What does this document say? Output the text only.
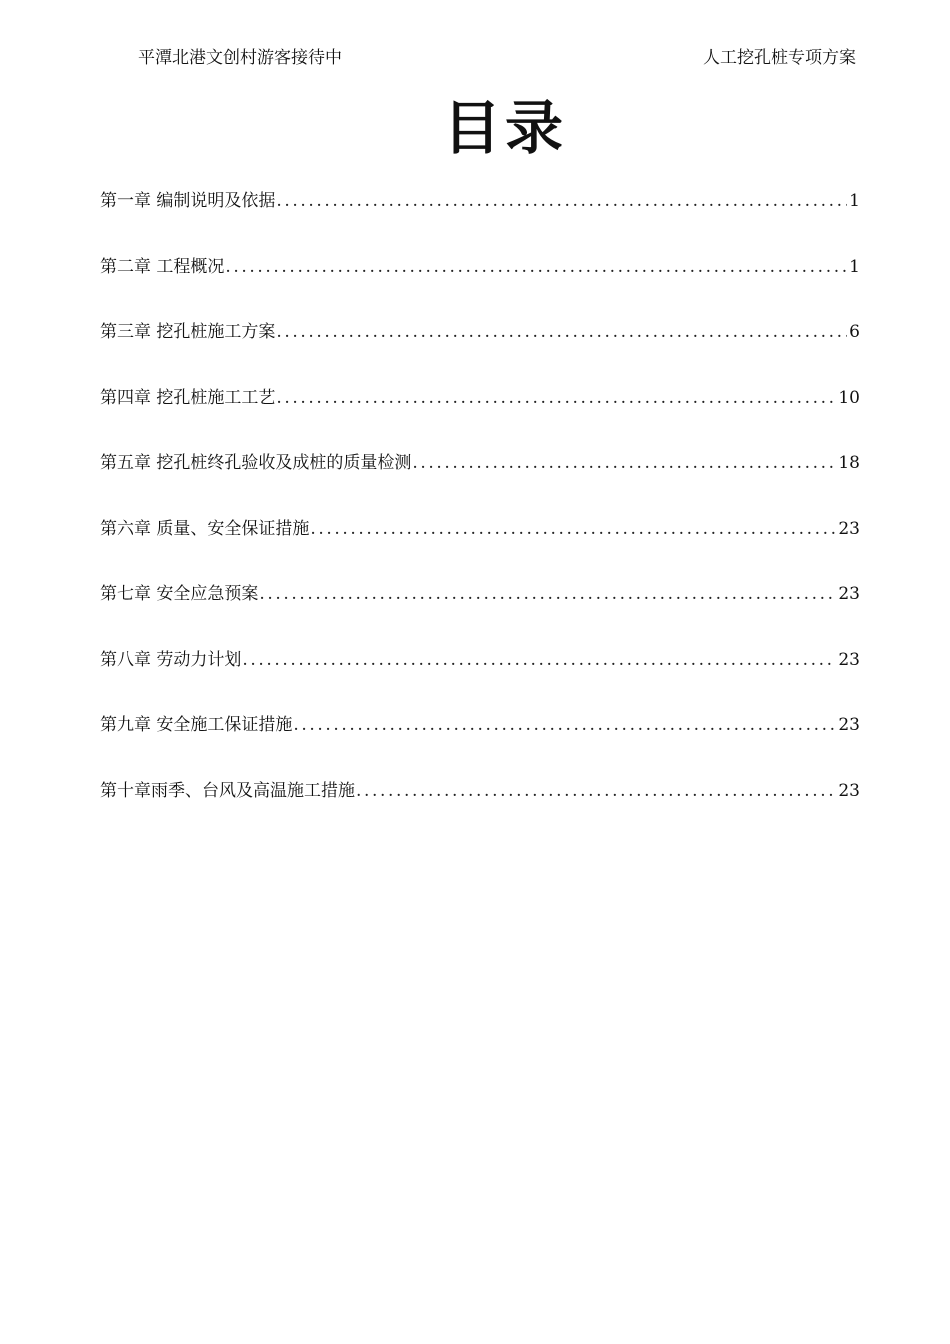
平潭北港文创村游客接待中	人工挖孔桩专项方案
目录
第一章 编制说明及依据 .....	1
第二章 工程概况 .....	1
第三章 挖孔桩施工方案 .....	6
第四章 挖孔桩施工工艺 .....	10
第五章 挖孔桩终孔验收及成桩的质量检测 .....	18
第六章 质量、安全保证措施 .....	23
第七章 安全应急预案 .....	23
第八章 劳动力计划 .....	23
第九章 安全施工保证措施 .....	23
第十章雨季、台风及高温施工措施 .....	23
